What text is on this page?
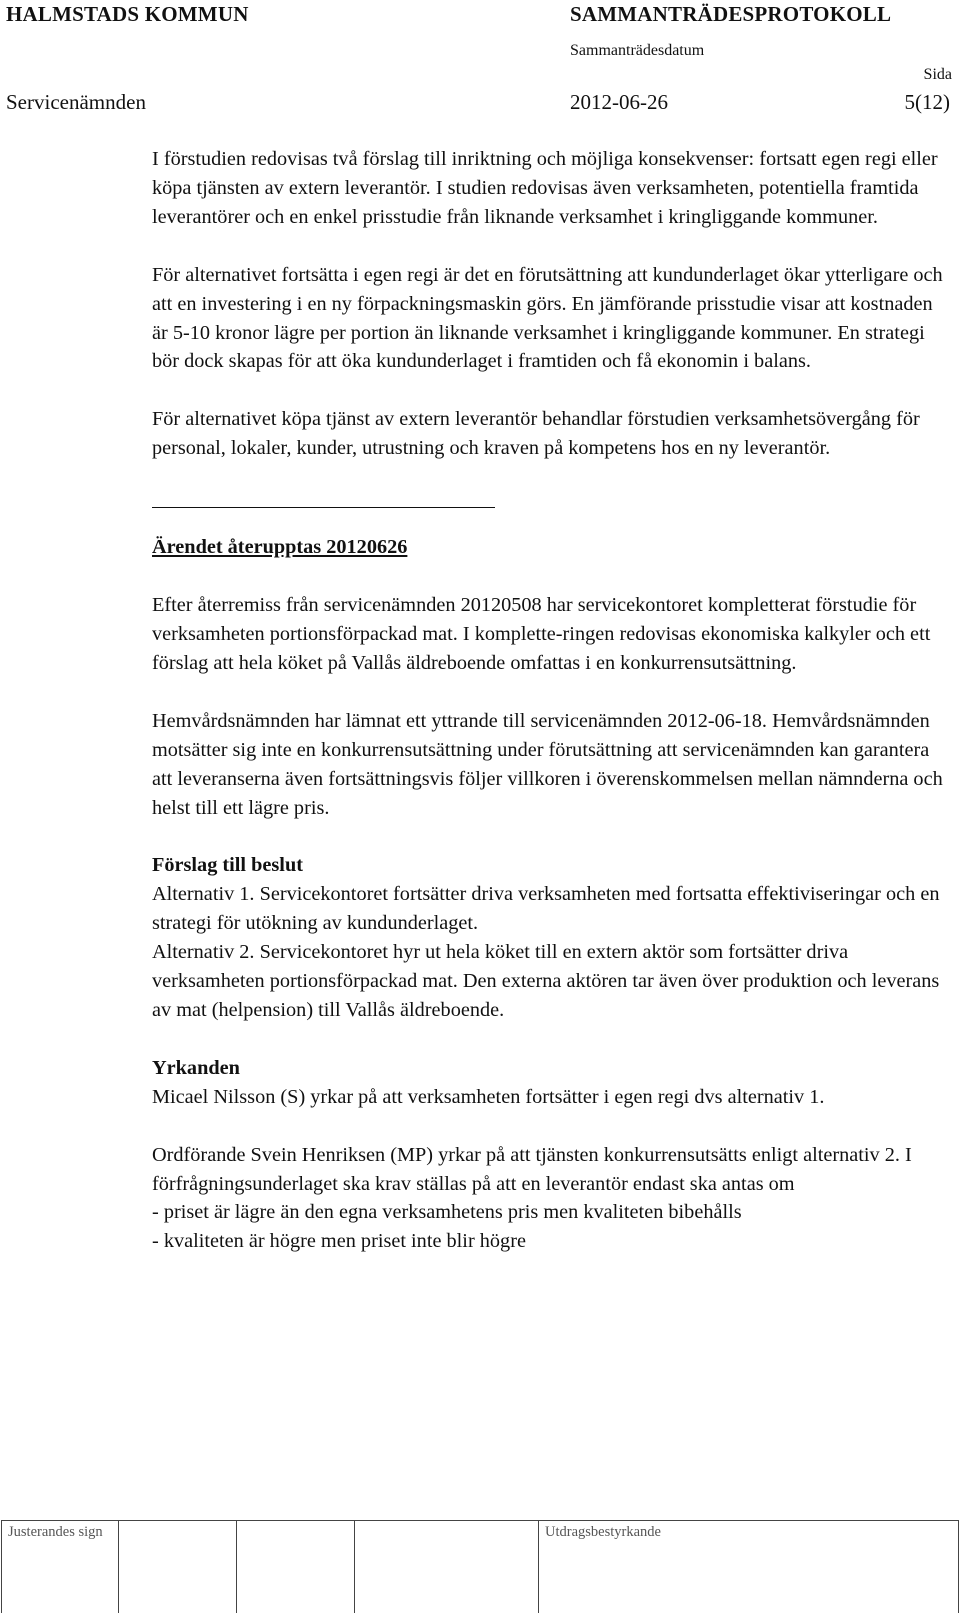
HALMSTADS KOMMUN	SAMMANTRÄDESPROTOKOLL
Sammanträdesdatum
Sida
Servicenämnden	2012-06-26	5(12)

I förstudien redovisas två förslag till inriktning och möjliga konsekvenser: fortsatt egen regi eller köpa tjänsten av extern leverantör. I studien redovisas även verksamheten, potentiella framtida leverantörer och en enkel prisstudie från liknande verksamhet i kringliggande kommuner.

För alternativet fortsätta i egen regi är det en förutsättning att kundunderlaget ökar ytterligare och att en investering i en ny förpackningsmaskin görs. En jämförande prisstudie visar att kostnaden är 5-10 kronor lägre per portion än liknande verksamhet i kringliggande kommuner. En strategi bör dock skapas för att öka kundunderlaget i framtiden och få ekonomin i balans.

För alternativet köpa tjänst av extern leverantör behandlar förstudien verksamhetsövergång för personal, lokaler, kunder, utrustning och kraven på kompetens hos en ny leverantör.

Ärendet återupptas 20120626

Efter återremiss från servicenämnden 20120508 har servicekontoret kompletterat förstudie för verksamheten portionsförpackad mat. I komplette-ringen redovisas ekonomiska kalkyler och ett förslag att hela köket på Vallås äldreboende omfattas i en konkurrensutsättning.

Hemvårdsnämnden har lämnat ett yttrande till servicenämnden 2012-06-18. Hemvårdsnämnden motsätter sig inte en konkurrensutsättning under förutsättning att servicenämnden kan garantera att leveranserna även fortsättningsvis följer villkoren i överenskommelsen mellan nämnderna och helst till ett lägre pris.

Förslag till beslut

Alternativ 1. Servicekontoret fortsätter driva verksamheten med fortsatta effektiviseringar och en strategi för utökning av kundunderlaget.

Alternativ 2. Servicekontoret hyr ut hela köket till en extern aktör som fortsätter driva verksamheten portionsförpackad mat. Den externa aktören tar även över produktion och leverans av mat (helpension) till Vallås äldreboende.

Yrkanden

Micael Nilsson (S) yrkar på att verksamheten fortsätter i egen regi dvs alternativ 1.

Ordförande Svein Henriksen (MP) yrkar på att tjänsten konkurrensutsätts enligt alternativ 2. I förfrågningsunderlaget ska krav ställas på att en leverantör endast ska antas om

- priset är lägre än den egna verksamhetens pris men kvaliteten bibehålls

- kvaliteten är högre men priset inte blir högre

Justerandes sign	Utdragsbestyrkande
